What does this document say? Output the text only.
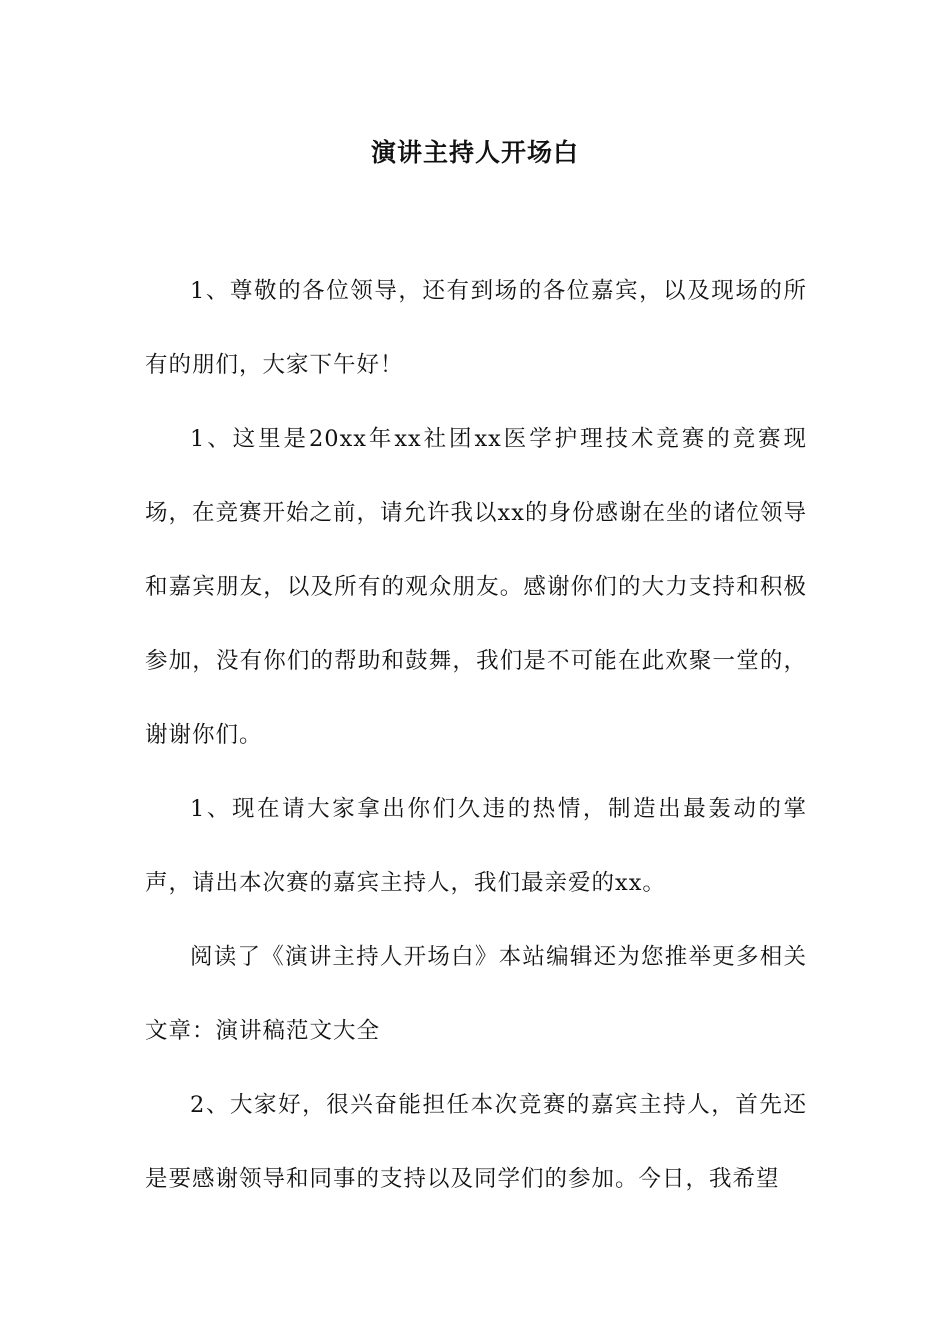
演讲主持人开场白

1、尊敬的各位领导，还有到场的各位嘉宾，以及现场的所有的朋们，大家下午好！

1、这里是20xx年xx社团xx医学护理技术竞赛的竞赛现场，在竞赛开始之前，请允许我以xx的身份感谢在坐的诸位领导和嘉宾朋友，以及所有的观众朋友。感谢你们的大力支持和积极参加，没有你们的帮助和鼓舞，我们是不可能在此欢聚一堂的，谢谢你们。

1、现在请大家拿出你们久违的热情，制造出最轰动的掌声，请出本次赛的嘉宾主持人，我们最亲爱的xx。

阅读了《演讲主持人开场白》本站编辑还为您推举更多相关文章：演讲稿范文大全

2、大家好，很兴奋能担任本次竞赛的嘉宾主持人，首先还是要感谢领导和同事的支持以及同学们的参加。今日，我希望
